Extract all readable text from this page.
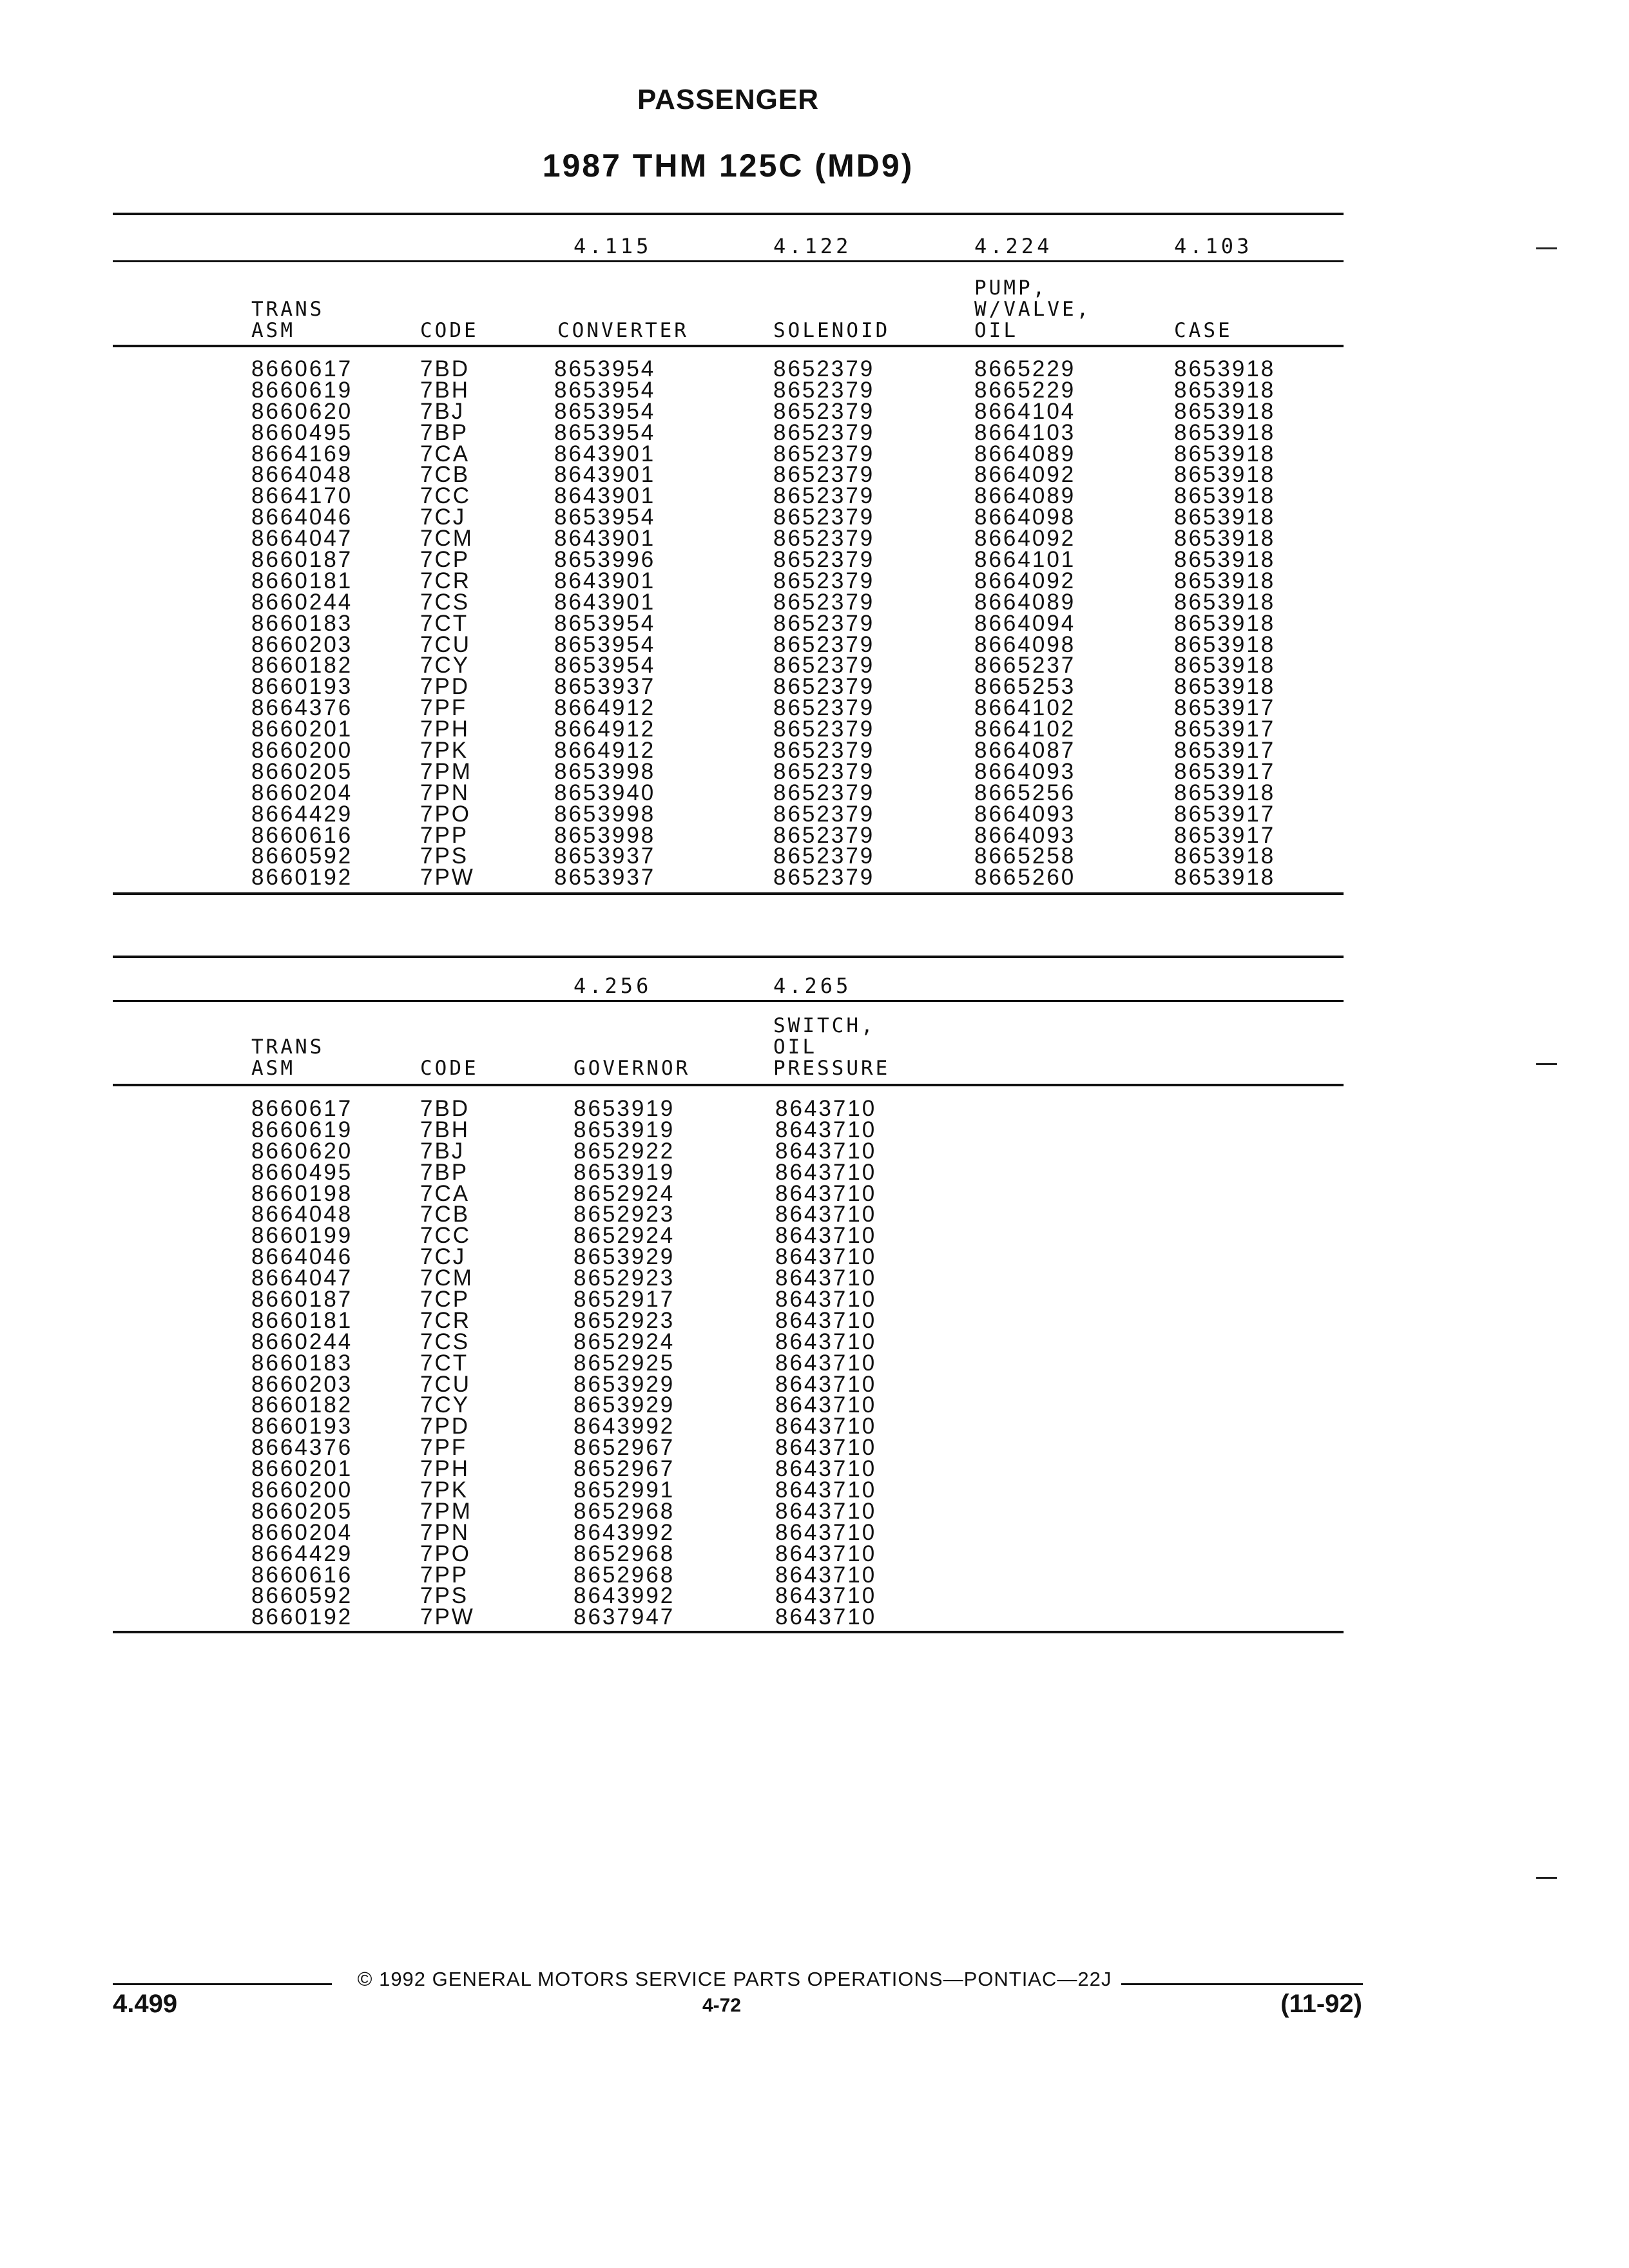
PASSENGER
1987 THM 125C (MD9)
4.115	4.122	4.224	4.103
TRANS
ASM	CODE	CONVERTER	SOLENOID
PUMP,
W/VALVE,
OIL	CASE
8660617	7BD	8653954	8652379	8665229	8653918
8660619	7BH	8653954	8652379	8665229	8653918
8660620	7BJ	8653954	8652379	8664104	8653918
8660495	7BP	8653954	8652379	8664103	8653918
8664169	7CA	8643901	8652379	8664089	8653918
8664048	7CB	8643901	8652379	8664092	8653918
8664170	7CC	8643901	8652379	8664089	8653918
8664046	7CJ	8653954	8652379	8664098	8653918
8664047	7CM	8643901	8652379	8664092	8653918
8660187	7CP	8653996	8652379	8664101	8653918
8660181	7CR	8643901	8652379	8664092	8653918
8660244	7CS	8643901	8652379	8664089	8653918
8660183	7CT	8653954	8652379	8664094	8653918
8660203	7CU	8653954	8652379	8664098	8653918
8660182	7CY	8653954	8652379	8665237	8653918
8660193	7PD	8653937	8652379	8665253	8653918
8664376	7PF	8664912	8652379	8664102	8653917
8660201	7PH	8664912	8652379	8664102	8653917
8660200	7PK	8664912	8652379	8664087	8653917
8660205	7PM	8653998	8652379	8664093	8653917
8660204	7PN	8653940	8652379	8665256	8653918
8664429	7PO	8653998	8652379	8664093	8653917
8660616	7PP	8653998	8652379	8664093	8653917
8660592	7PS	8653937	8652379	8665258	8653918
8660192	7PW	8653937	8652379	8665260	8653918
4.256	4.265
TRANS
ASM	CODE	GOVERNOR
SWITCH,
OIL
PRESSURE
8660617	7BD	8653919	8643710
8660619	7BH	8653919	8643710
8660620	7BJ	8652922	8643710
8660495	7BP	8653919	8643710
8660198	7CA	8652924	8643710
8664048	7CB	8652923	8643710
8660199	7CC	8652924	8643710
8664046	7CJ	8653929	8643710
8664047	7CM	8652923	8643710
8660187	7CP	8652917	8643710
8660181	7CR	8652923	8643710
8660244	7CS	8652924	8643710
8660183	7CT	8652925	8643710
8660203	7CU	8653929	8643710
8660182	7CY	8653929	8643710
8660193	7PD	8643992	8643710
8664376	7PF	8652967	8643710
8660201	7PH	8652967	8643710
8660200	7PK	8652991	8643710
8660205	7PM	8652968	8643710
8660204	7PN	8643992	8643710
8664429	7PO	8652968	8643710
8660616	7PP	8652968	8643710
8660592	7PS	8643992	8643710
8660192	7PW	8637947	8643710
© 1992 GENERAL MOTORS SERVICE PARTS OPERATIONS—PONTIAC—22J
4.499	4-72	(11-92)
